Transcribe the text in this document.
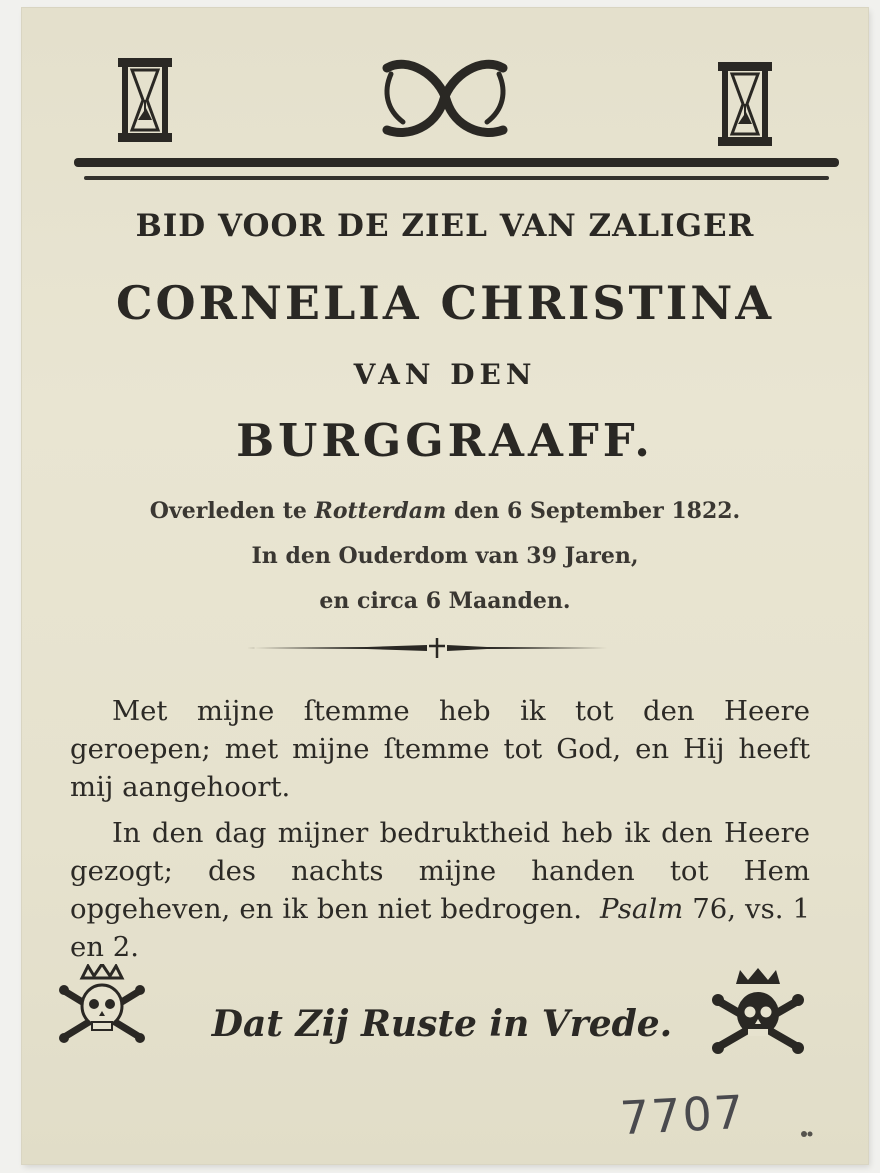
BID VOOR DE ZIEL VAN ZALIGER
CORNELIA CHRISTINA
VAN DEN
BURGGRAAFF.
Overleden te Rotterdam den 6 September 1822.
In den Ouderdom van 39 Jaren,
en circa 6 Maanden.
Met mijne ſtemme heb ik tot den Heere geroepen; met mijne ſtemme tot God, en Hij heeft mij aangehoort.
In den dag mijner bedruktheid heb ik den Heere gezogt; des nachts mijne handen tot Hem opgeheven, en ik ben niet bedrogen. Psalm 76, vs. 1 en 2.
Dat Zij Ruste in Vrede.
7707
